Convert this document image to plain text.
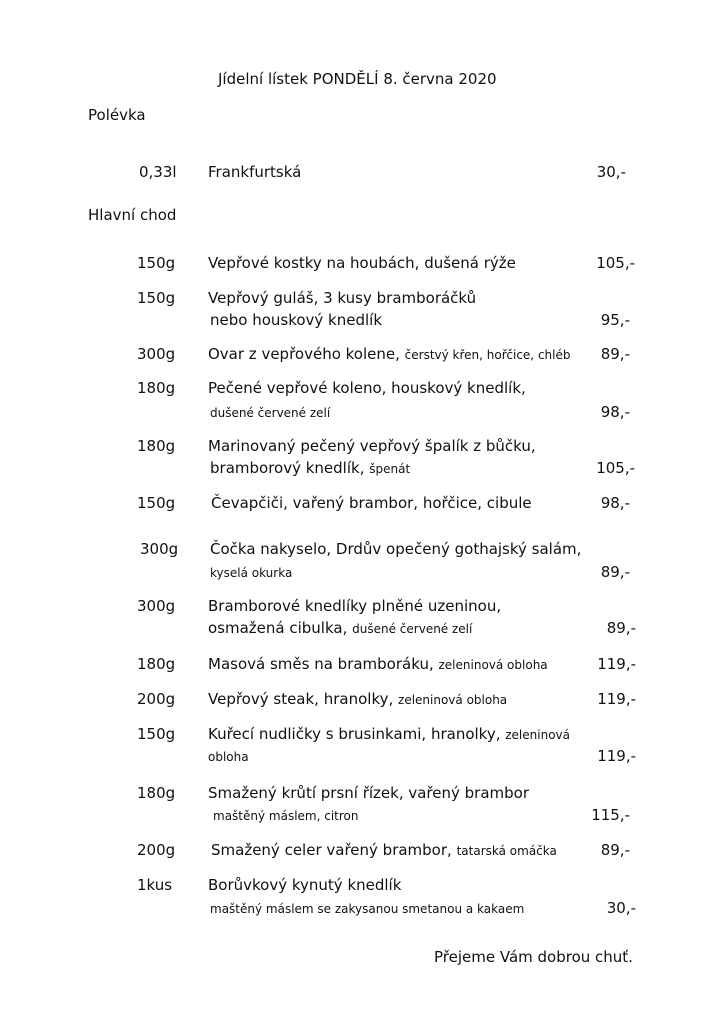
Jídelní lístek PONDĚLÍ 8. června 2020
Polévka
0,33l Frankfurtská	30,-
Hlavní chod
150g Vepřové kostky na houbách, dušená rýže	105,-
150g Vepřový guláš, 3 kusy bramboráčků
nebo houskový knedlík	95,-
300g Ovar z vepřového kolene, čerstvý křen, hořčice, chléb	89,-
180g Pečené vepřové koleno, houskový knedlík,
dušené červené zelí	98,-
180g Marinovaný pečený vepřový špalík z bůčku,
bramborový knedlík, špenát	105,-
150g Čevapčiči, vařený brambor, hořčice, cibule	98,-
300g Čočka nakyselo, Drdův opečený gothajský salám,
kyselá okurka	89,-
300g Bramborové knedlíky plněné uzeninou,
osmažená cibulka, dušené červené zelí	89,-
180g Masová směs na bramboráku, zeleninová obloha	119,-
200g Vepřový steak, hranolky, zeleninová obloha	119,-
150g Kuřecí nudličky s brusinkami, hranolky, zeleninová
obloha	119,-
180g Smažený krůtí prsní řízek, vařený brambor
maštěný máslem, citron	115,-
200g Smažený celer vařený brambor, tatarská omáčka	89,-
1kus Borůvkový kynutý knedlík
maštěný máslem se zakysanou smetanou a kakaem	30,-
Přejeme Vám dobrou chuť.
